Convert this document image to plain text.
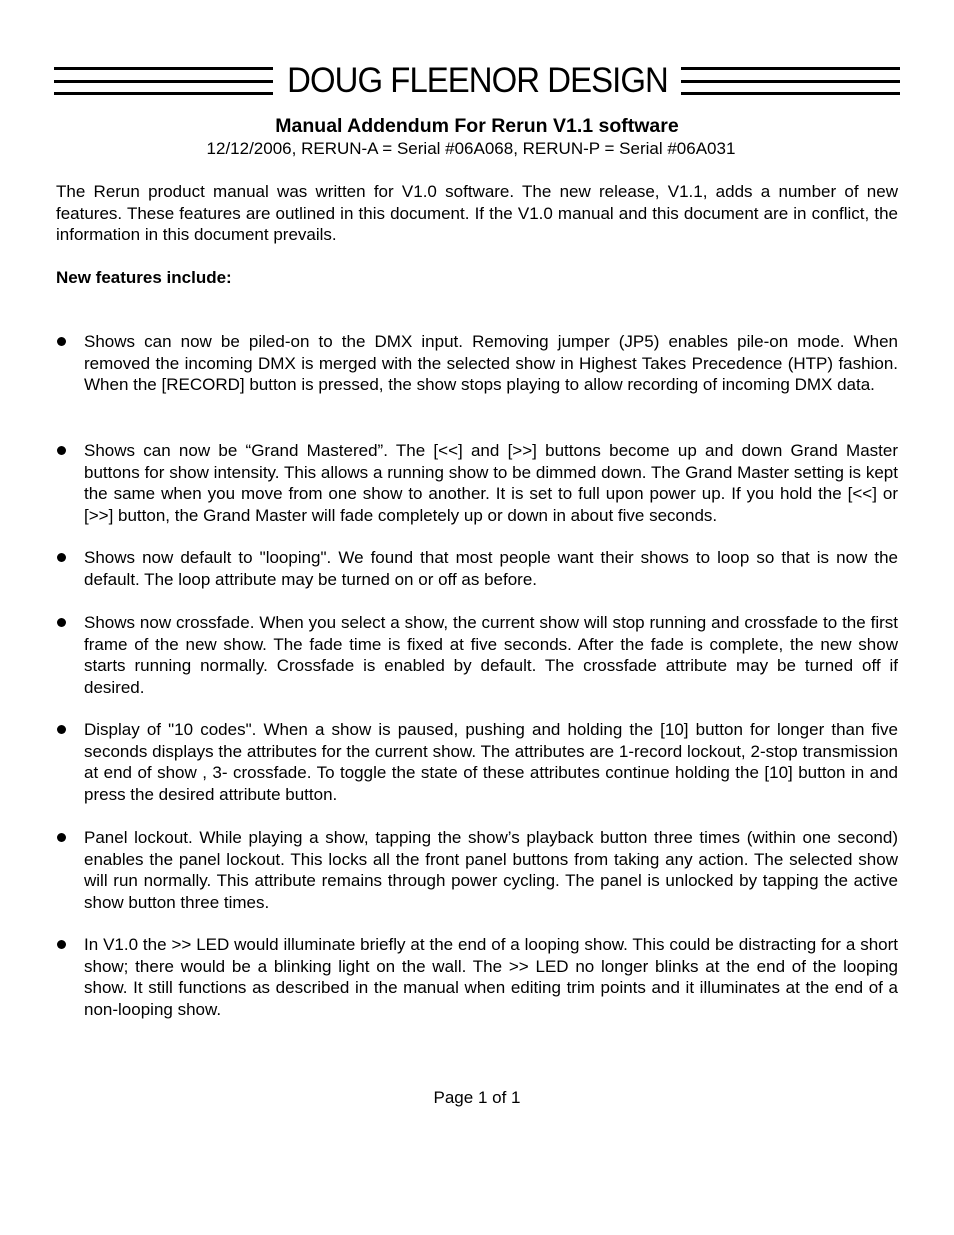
DOUG FLEENOR DESIGN
Manual Addendum For Rerun V1.1 software
12/12/2006, RERUN-A = Serial #06A068, RERUN-P = Serial #06A031

The Rerun product manual was written for V1.0 software. The new release, V1.1, adds a number of new features. These features are outlined in this document. If the V1.0 manual and this document are in conflict, the information in this document prevails.

New features include:

Shows can now be piled-on to the DMX input. Removing jumper (JP5) enables pile-on mode. When removed the incoming DMX is merged with the selected show in Highest Takes Precedence (HTP) fashion. When the [RECORD] button is pressed, the show stops playing to allow recording of incoming DMX data.

Shows can now be “Grand Mastered”. The [<<] and [>>] buttons become up and down Grand Master buttons for show intensity. This allows a running show to be dimmed down. The Grand Master setting is kept the same when you move from one show to another. It is set to full upon power up. If you hold the [<<] or [>>] button, the Grand Master will fade completely up or down in about five seconds.

Shows now default to "looping". We found that most people want their shows to loop so that is now the default. The loop attribute may be turned on or off as before.

Shows now crossfade. When you select a show, the current show will stop running and crossfade to the first frame of the new show. The fade time is fixed at five seconds. After the fade is complete, the new show starts running normally. Crossfade is enabled by default. The crossfade attribute may be turned off if desired.

Display of "10 codes". When a show is paused, pushing and holding the [10] button for longer than five seconds displays the attributes for the current show. The attributes are 1-record lockout, 2-stop transmission at end of show , 3- crossfade. To toggle the state of these attributes continue holding the [10] button in and press the desired attribute button.

Panel lockout. While playing a show, tapping the show’s playback button three times (within one second) enables the panel lockout. This locks all the front panel buttons from taking any action. The selected show will run normally. This attribute remains through power cycling. The panel is unlocked by tapping the active show button three times.

In V1.0 the >> LED would illuminate briefly at the end of a looping show. This could be distracting for a short show; there would be a blinking light on the wall. The >> LED no longer blinks at the end of the looping show. It still functions as described in the manual when editing trim points and it illuminates at the end of a non-looping show.

Page 1 of 1
